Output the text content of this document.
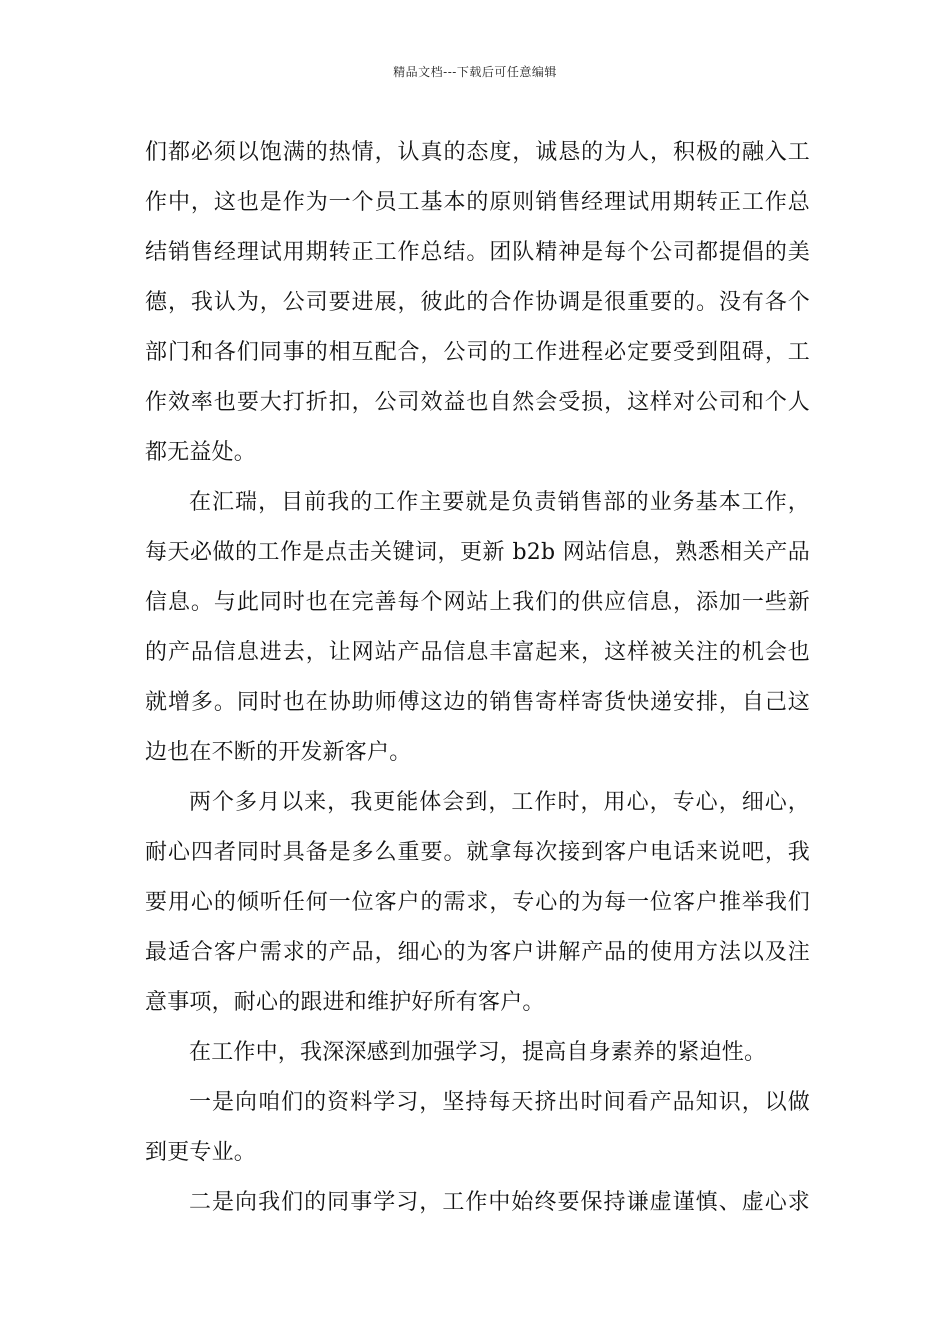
精品文档---下载后可任意编辑
们都必须以饱满的热情，认真的态度，诚恳的为人，积极的融入工
作中，这也是作为一个员工基本的原则销售经理试用期转正工作总
结销售经理试用期转正工作总结。团队精神是每个公司都提倡的美
德，我认为，公司要进展，彼此的合作协调是很重要的。没有各个
部门和各们同事的相互配合，公司的工作进程必定要受到阻碍，工
作效率也要大打折扣，公司效益也自然会受损，这样对公司和个人
都无益处。
在汇瑞，目前我的工作主要就是负责销售部的业务基本工作，
每天必做的工作是点击关键词，更新 b2b 网站信息，熟悉相关产品
信息。与此同时也在完善每个网站上我们的供应信息，添加一些新
的产品信息进去，让网站产品信息丰富起来，这样被关注的机会也
就增多。同时也在协助师傅这边的销售寄样寄货快递安排，自己这
边也在不断的开发新客户。
两个多月以来，我更能体会到，工作时，用心，专心，细心，
耐心四者同时具备是多么重要。就拿每次接到客户电话来说吧，我
要用心的倾听任何一位客户的需求，专心的为每一位客户推举我们
最适合客户需求的产品，细心的为客户讲解产品的使用方法以及注
意事项，耐心的跟进和维护好所有客户。
在工作中，我深深感到加强学习，提高自身素养的紧迫性。
一是向咱们的资料学习，坚持每天挤出时间看产品知识，以做
到更专业。
二是向我们的同事学习，工作中始终要保持谦虚谨慎、虚心求
